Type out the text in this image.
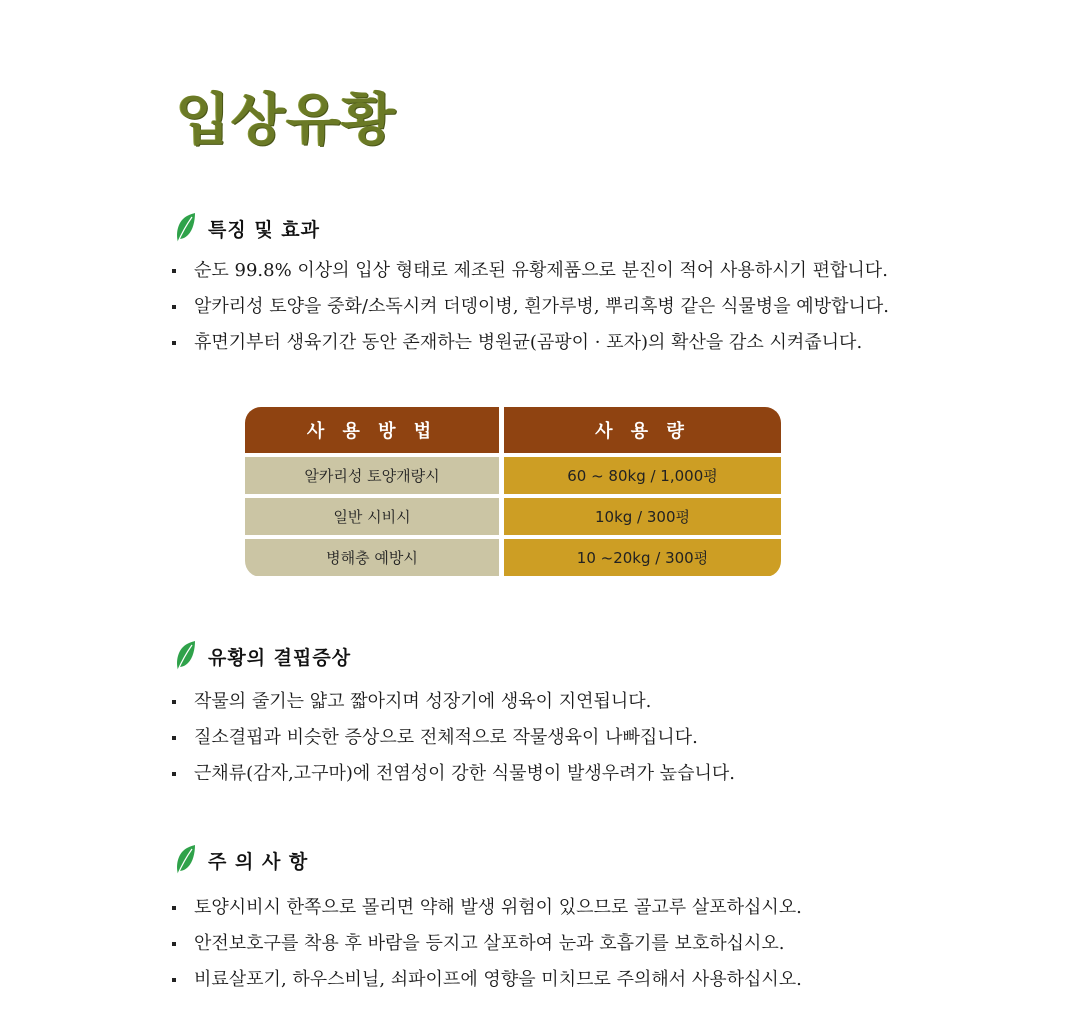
입상유황
특징 및 효과
순도 99.8% 이상의 입상 형태로 제조된 유황제품으로 분진이 적어 사용하시기 편합니다.
알카리성 토양을 중화/소독시켜 더뎅이병, 흰가루병, 뿌리혹병 같은 식물병을 예방합니다.
휴면기부터 생육기간 동안 존재하는 병원균(곰팡이 · 포자)의 확산을 감소 시켜줍니다.
사 용 방 법	사 용 량
알카리성 토양개량시	60 ~ 80kg / 1,000평
일반 시비시	10kg / 300평
병해충 예방시	10 ~20kg / 300평
유황의 결핍증상
작물의 줄기는 얇고 짧아지며 성장기에 생육이 지연됩니다.
질소결핍과 비슷한 증상으로 전체적으로 작물생육이 나빠집니다.
근채류(감자,고구마)에 전염성이 강한 식물병이 발생우려가 높습니다.
주 의 사 항
토양시비시 한쪽으로 몰리면 약해 발생 위험이 있으므로 골고루 살포하십시오.
안전보호구를 착용 후 바람을 등지고 살포하여 눈과 호흡기를 보호하십시오.
비료살포기, 하우스비닐, 쇠파이프에 영향을 미치므로 주의해서 사용하십시오.
